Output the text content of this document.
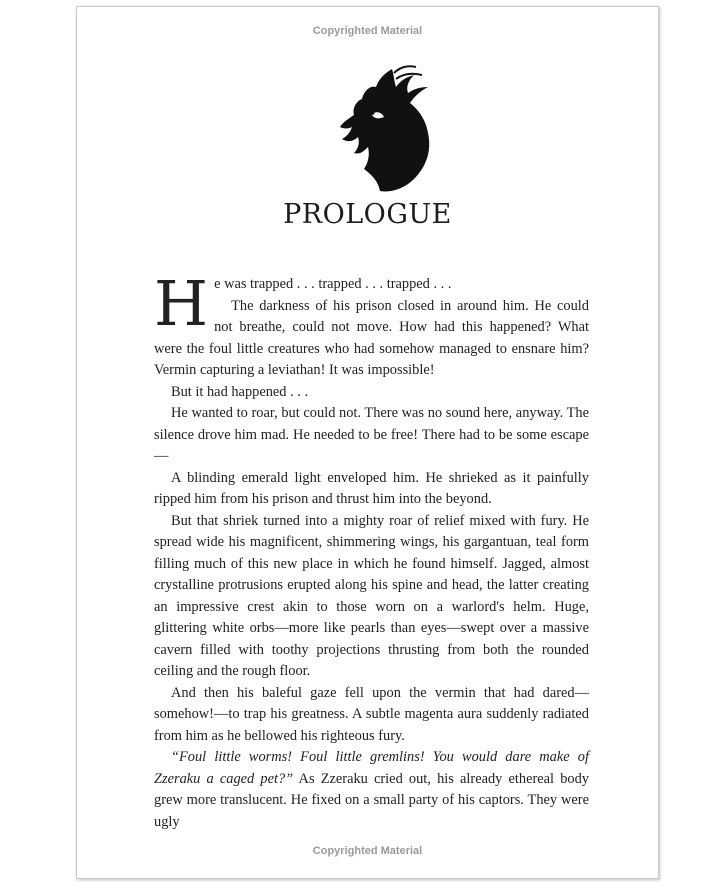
Copyrighted Material
PROLOGUE

He was trapped . . . trapped . . . trapped . . .

The darkness of his prison closed in around him. He could not breathe, could not move. How had this happened? What were the foul little creatures who had somehow managed to ensnare him? Vermin capturing a leviathan! It was impossible!

But it had happened . . .

He wanted to roar, but could not. There was no sound here, anyway. The silence drove him mad. He needed to be free! There had to be some escape—

A blinding emerald light enveloped him. He shrieked as it painfully ripped him from his prison and thrust him into the beyond.

But that shriek turned into a mighty roar of relief mixed with fury. He spread wide his magnificent, shimmering wings, his gargantuan, teal form filling much of this new place in which he found himself. Jagged, almost crystalline protrusions erupted along his spine and head, the latter creating an impressive crest akin to those worn on a warlord's helm. Huge, glittering white orbs—more like pearls than eyes—swept over a massive cavern filled with toothy projections thrusting from both the rounded ceiling and the rough floor.

And then his baleful gaze fell upon the vermin that had dared—somehow!—to trap his greatness. A subtle magenta aura suddenly radiated from him as he bellowed his righteous fury.

“Foul little worms! Foul little gremlins! You would dare make of Zzeraku a caged pet?” As Zzeraku cried out, his already ethereal body grew more translucent. He fixed on a small party of his captors. They were ugly

Copyrighted Material
